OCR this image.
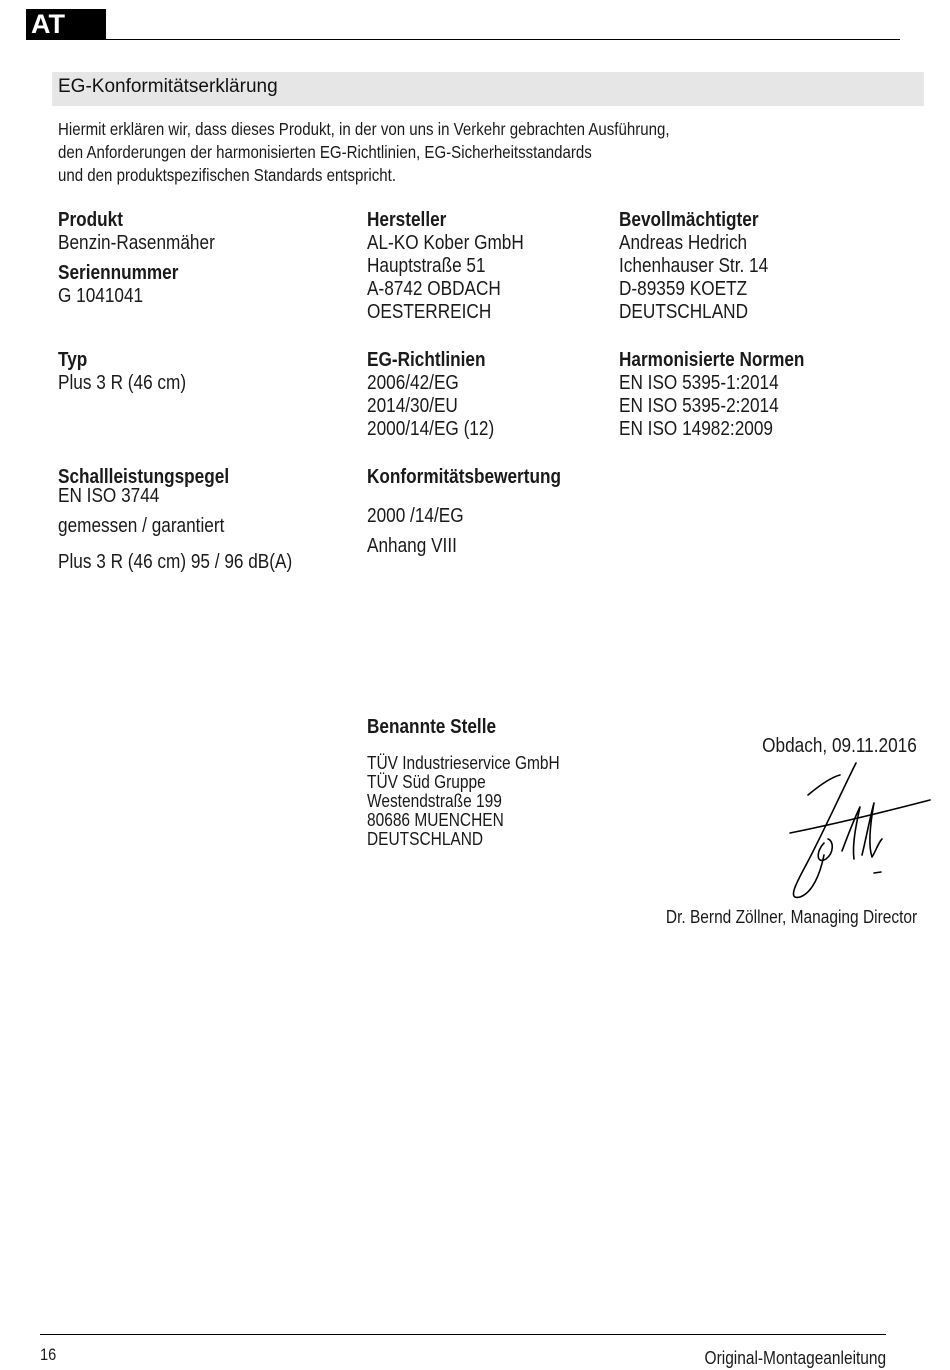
AT
EG-Konformitätserklärung
Hiermit erklären wir, dass dieses Produkt, in der von uns in Verkehr gebrachten Ausführung,
den Anforderungen der harmonisierten EG-Richtlinien, EG-Sicherheitsstandards
und den produktspezifischen Standards entspricht.
Produkt
Benzin-Rasenmäher
Seriennummer
G 1041041
Typ
Plus 3 R (46 cm)
Schallleistungspegel
EN ISO 3744
gemessen / garantiert
Plus 3 R (46 cm) 95 / 96 dB(A)
Hersteller
AL-KO Kober GmbH
Hauptstraße 51
A-8742 OBDACH
OESTERREICH
EG-Richtlinien
2006/42/EG
2014/30/EU
2000/14/EG (12)
Konformitätsbewertung
2000 /14/EG
Anhang VIII
Bevollmächtigter
Andreas Hedrich
Ichenhauser Str. 14
D-89359 KOETZ
DEUTSCHLAND
Harmonisierte Normen
EN ISO 5395-1:2014
EN ISO 5395-2:2014
EN ISO 14982:2009
Benannte Stelle
TÜV Industrieservice GmbH
TÜV Süd Gruppe
Westendstraße 199
80686 MUENCHEN
DEUTSCHLAND
Obdach, 09.11.2016
Dr. Bernd Zöllner, Managing Director
16	Original-Montageanleitung
